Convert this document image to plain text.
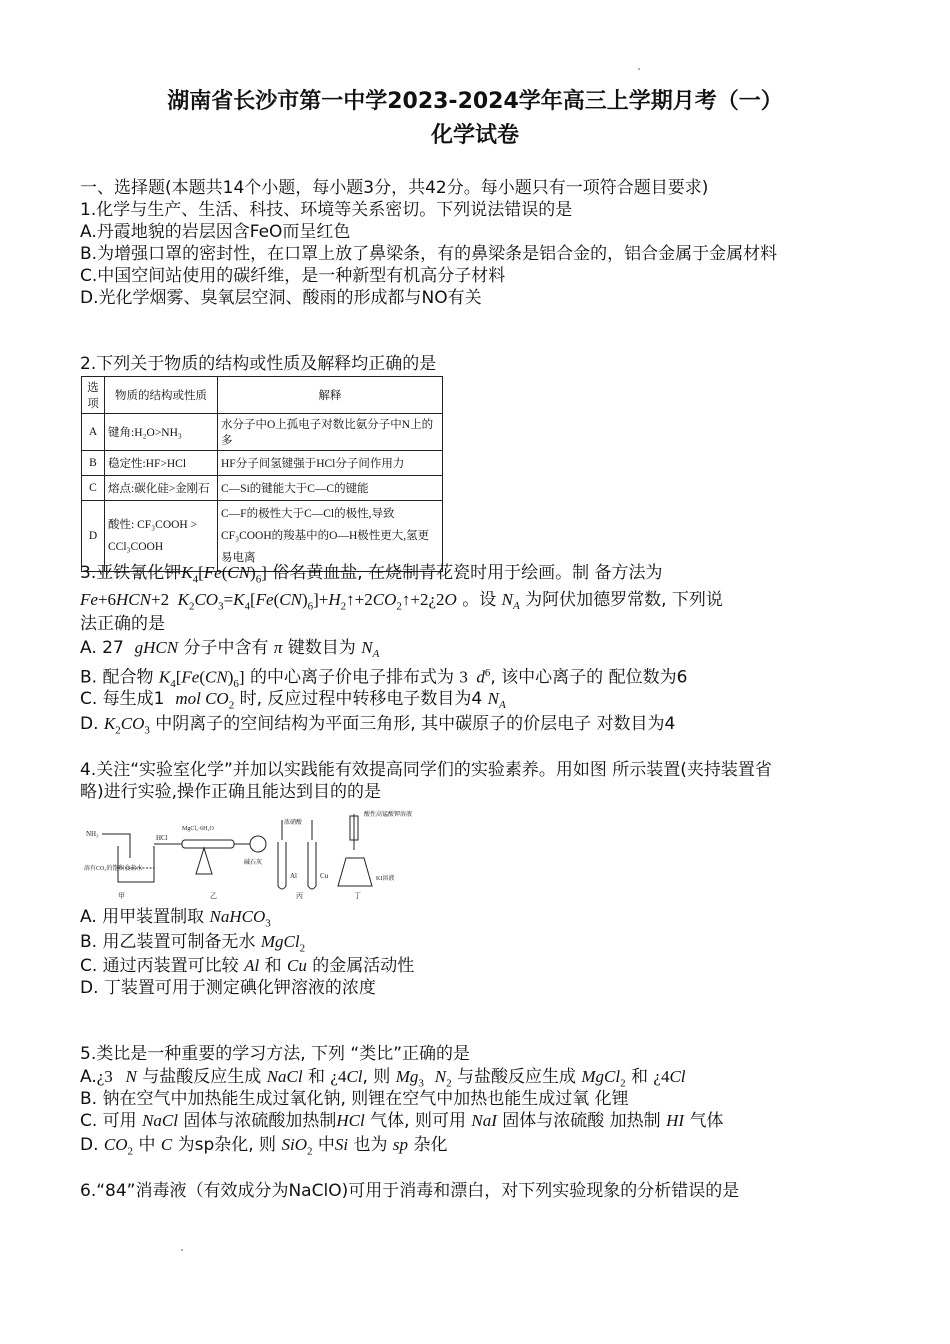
湖南省长沙市第一中学2023-2024学年高三上学期月考（一）
化学试卷
一、选择题(本题共14个小题，每小题3分，共42分。每小题只有一项符合题目要求)
1.化学与生产、生活、科技、环境等关系密切。下列说法错误的是
A.丹霞地貌的岩层因含FeO而呈红色
B.为增强口罩的密封性，在口罩上放了鼻梁条，有的鼻梁条是铝合金的，铝合金属于金属材料
C.中国空间站使用的碳纤维，是一种新型有机高分子材料
D.光化学烟雾、臭氧层空洞、酸雨的形成都与NO有关
2.下列关于物质的结构或性质及解释均正确的是
选项	物质的结构或性质	解释
A	键角:H₂O>NH₃	水分子中O上孤电子对数比氨分子中N上的多
B	稳定性:HF>HCl	HF分子间氢键强于HCl分子间作用力
C	熔点:碳化硅>金刚石	C—Si的键能大于C—C的键能
D	酸性: CF₃COOH > CCl₃COOH	C—F的极性大于C—Cl的极性,导致CF₃COOH的羧基中的O—H极性更大,氢更易电离
3.亚铁氰化钾$K_4[Fe(CN)_6]$ 俗名黄血盐, 在烧制青花瓷时用于绘画。制 备方法为
Fe+6HCN+2  $K_2CO_3=K_4[Fe(CN)_6]+H_2↑+2CO_2↑+2¿2O$ 。设 $N_A$ 为阿伏加德罗常数, 下列说
法正确的是
A. 27 gHCN 分子中含有 π 键数目为 $N_A$
B. 配合物 $K_4[Fe(CN)_6]$ 的中心离子价电子排布式为 3  $d^6$, 该中心离子的 配位数为6
C. 每生成1 mol $CO_2$ 时, 反应过程中转移电子数目为4 $N_A$
D. $K_2CO_3$ 中阴离子的空间结构为平面三角形, 其中碳原子的价层电子 对数目为4
4.关注“实验室化学”并加以实践能有效提高同学们的实验素养。用如图 所示装置(夹持装置省
略)进行实验,操作正确且能达到目的的是
NH₃
溶有CO₂的饱和食盐水
甲
HCl
MgCl₂·6H₂O
碱石灰
乙
浓硝酸
Al	Cu
丙
酸性高锰酸钾溶液
KI溶液
丁
A. 用甲装置制取 NaHCO$_3$
B. 用乙装置可制备无水 MgCl$_2$
C. 通过丙装置可比较 Al 和 Cu 的金属活动性
D. 丁装置可用于测定碘化钾溶液的浓度
5.类比是一种重要的学习方法, 下列 “类比”正确的是
A.¿3   N 与盐酸反应生成 NaCl 和 ¿4Cl, 则 $Mg_3$ $N_2$ 与盐酸反应生成 MgCl$_2$ 和 ¿4Cl
B. 钠在空气中加热能生成过氧化钠, 则锂在空气中加热也能生成过氧 化锂
C. 可用 NaCl 固体与浓硫酸加热制HCl 气体, 则可用 NaI 固体与浓硫酸 加热制 HI 气体
D. $CO_2$ 中 C 为sp杂化, 则 SiO$_2$ 中Si 也为 sp 杂化
6.“84”消毒液（有效成分为NaClO)可用于消毒和漂白，对下列实验现象的分析错误的是
